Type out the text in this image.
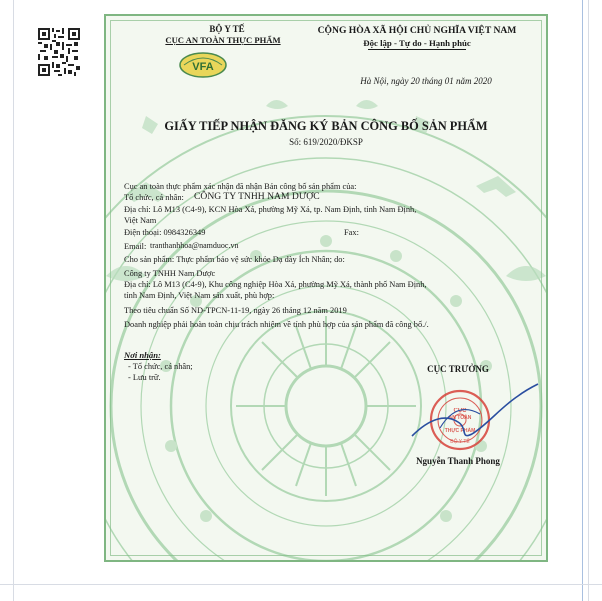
BỘ Y TẾ
CỤC AN TOÀN THỰC PHẨM
CỘNG HÒA XÃ HỘI CHỦ NGHĨA VIỆT NAM
Độc lập - Tự do - Hạnh phúc
Hà Nội, ngày 20 tháng 01 năm 2020
GIẤY TIẾP NHẬN ĐĂNG KÝ BẢN CÔNG BỐ SẢN PHẨM
Số: 619/2020/ĐKSP
Cục an toàn thực phẩm xác nhận đã nhận Bản công bố sản phẩm của:
Tổ chức, cá nhân: CÔNG TY TNHH NAM DƯỢC
Địa chỉ: Lô M13 (C4-9), KCN Hòa Xá, phường Mỹ Xá, tp. Nam Định, tỉnh Nam Định,
Việt Nam
Điện thoại: 0984326349	Fax:
Email: tranthanhhoa@namduoc.vn
Cho sản phẩm: Thực phẩm bảo vệ sức khỏe Dạ dày Ích Nhân; do:
Công ty TNHH Nam Dược
Địa chỉ: Lô M13 (C4-9), Khu công nghiệp Hòa Xá, phường Mỹ Xá, thành phố Nam Định,
tỉnh Nam Định, Việt Nam sản xuất, phù hợp:
Theo tiêu chuẩn Số ND-TPCN-11-19, ngày 26 tháng 12 năm 2019
Doanh nghiệp phải hoàn toàn chịu trách nhiệm về tính phù hợp của sản phẩm đã công bố./.
Nơi nhận:
- Tổ chức, cá nhân;
- Lưu trữ.
CỤC TRƯỞNG
Nguyễn Thanh Phong
VFA
CỤC
AN TOÀN
THỰC PHẨM
BỘ Y TẾ
